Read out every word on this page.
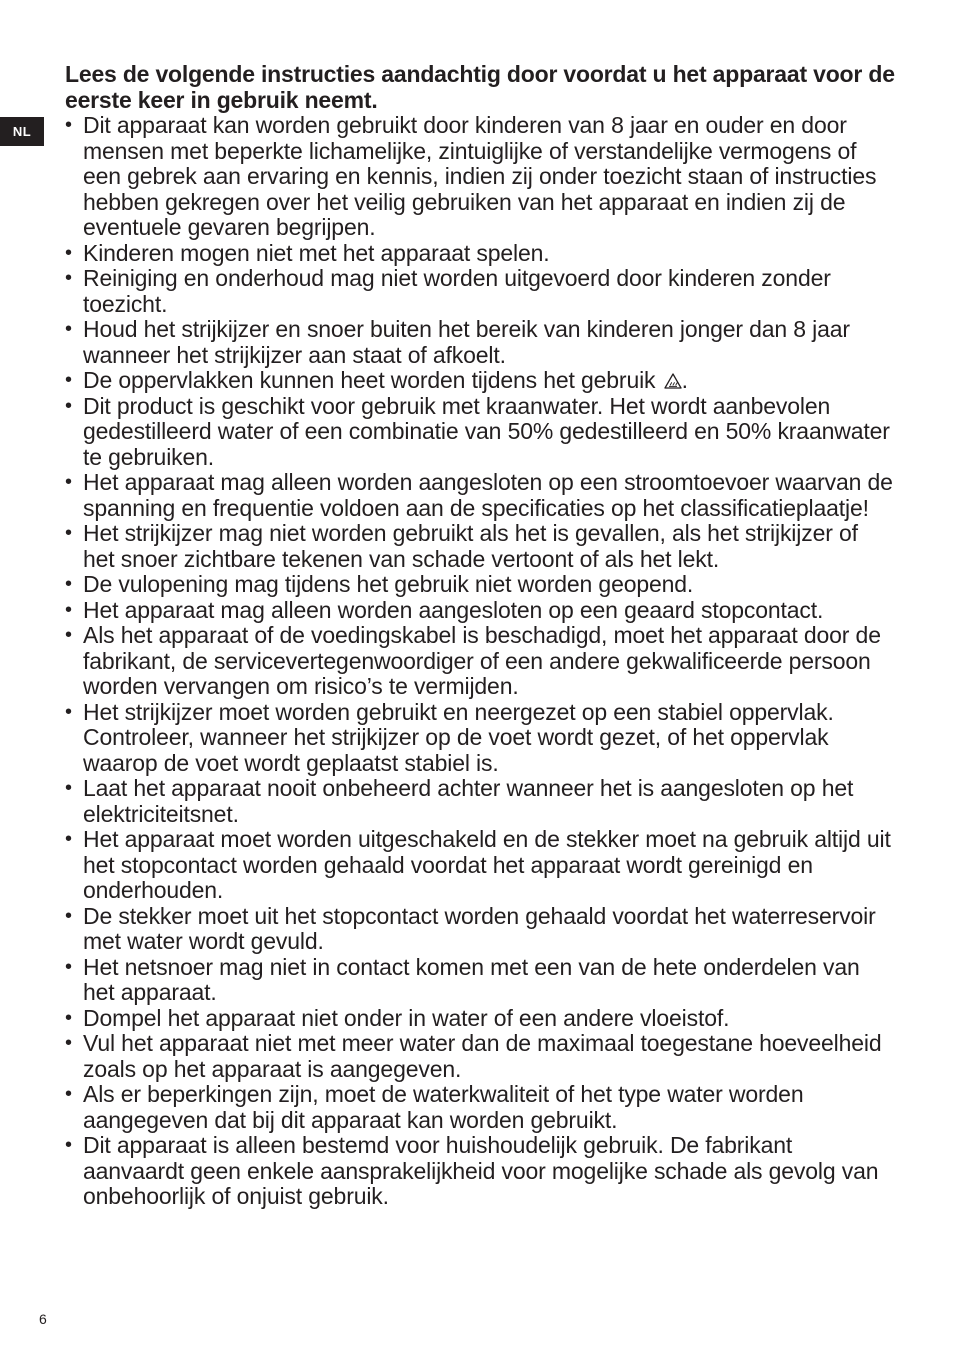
NL
Lees de volgende instructies aandachtig door voordat u het apparaat voor de eerste keer in gebruik neemt.
• Dit apparaat kan worden gebruikt door kinderen van 8 jaar en ouder en door mensen met beperkte lichamelijke, zintuiglijke of verstandelijke vermogens of een gebrek aan ervaring en kennis, indien zij onder toezicht staan of instructies hebben gekregen over het veilig gebruiken van het apparaat en indien zij de eventuele gevaren begrijpen.
• Kinderen mogen niet met het apparaat spelen.
• Reiniging en onderhoud mag niet worden uitgevoerd door kinderen zonder toezicht.
• Houd het strijkijzer en snoer buiten het bereik van kinderen jonger dan 8 jaar wanneer het strijkijzer aan staat of afkoelt.
• De oppervlakken kunnen heet worden tijdens het gebruik .
• Dit product is geschikt voor gebruik met kraanwater. Het wordt aanbevolen gedestilleerd water of een combinatie van 50% gedestilleerd en 50% kraanwater te gebruiken.
• Het apparaat mag alleen worden aangesloten op een stroomtoevoer waarvan de spanning en frequentie voldoen aan de specificaties op het classificatieplaatje!
• Het strijkijzer mag niet worden gebruikt als het is gevallen, als het strijkijzer of het snoer zichtbare tekenen van schade vertoont of als het lekt.
• De vulopening mag tijdens het gebruik niet worden geopend.
• Het apparaat mag alleen worden aangesloten op een geaard stopcontact.
• Als het apparaat of de voedingskabel is beschadigd, moet het apparaat door de fabrikant, de servicevertegenwoordiger of een andere gekwalificeerde persoon worden vervangen om risico’s te vermijden.
• Het strijkijzer moet worden gebruikt en neergezet op een stabiel oppervlak. Controleer, wanneer het strijkijzer op de voet wordt gezet, of het oppervlak waarop de voet wordt geplaatst stabiel is.
• Laat het apparaat nooit onbeheerd achter wanneer het is aangesloten op het elektriciteitsnet.
• Het apparaat moet worden uitgeschakeld en de stekker moet na gebruik altijd uit het stopcontact worden gehaald voordat het apparaat wordt gereinigd en onderhouden.
• De stekker moet uit het stopcontact worden gehaald voordat het waterreservoir met water wordt gevuld.
• Het netsnoer mag niet in contact komen met een van de hete onderdelen van het apparaat.
• Dompel het apparaat niet onder in water of een andere vloeistof.
• Vul het apparaat niet met meer water dan de maximaal toegestane hoeveelheid zoals op het apparaat is aangegeven.
• Als er beperkingen zijn, moet de waterkwaliteit of het type water worden aangegeven dat bij dit apparaat kan worden gebruikt.
• Dit apparaat is alleen bestemd voor huishoudelijk gebruik. De fabrikant aanvaardt geen enkele aansprakelijkheid voor mogelijke schade als gevolg van onbehoorlijk of onjuist gebruik.
6
